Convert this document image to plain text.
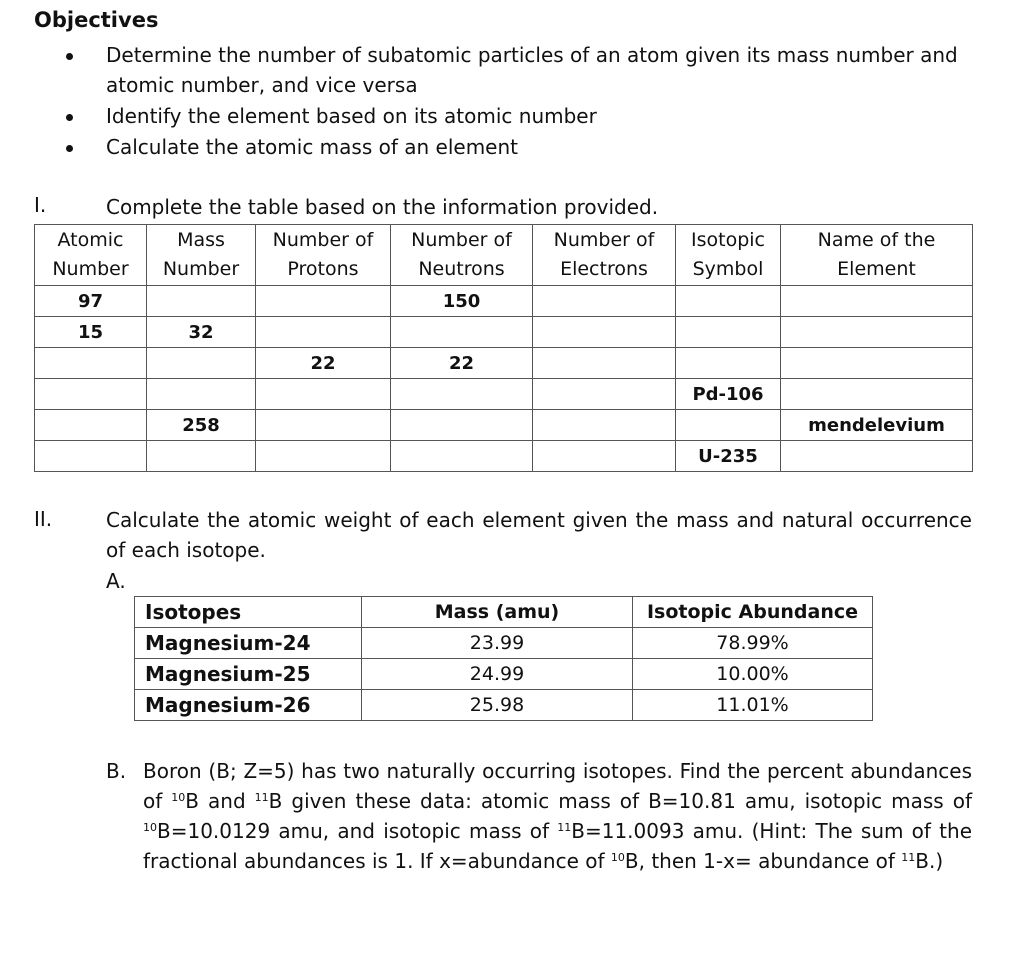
Objectives
Determine the number of subatomic particles of an atom given its mass number and atomic number, and vice versa
Identify the element based on its atomic number
Calculate the atomic mass of an element
I.	Complete the table based on the information provided.
Atomic Number	Mass Number	Number of Protons	Number of Neutrons	Number of Electrons	Isotopic Symbol	Name of the Element
97			150			
15	32					
		22	22			
					Pd-106	
	258					mendelevium
					U-235	
II.	Calculate the atomic weight of each element given the mass and natural occurrence of each isotope.
A.
Isotopes	Mass (amu)	Isotopic Abundance
Magnesium-24	23.99	78.99%
Magnesium-25	24.99	10.00%
Magnesium-26	25.98	11.01%
B. Boron (B; Z=5) has two naturally occurring isotopes. Find the percent abundances of $^{10}$B and $^{11}$B given these data: atomic mass of B=10.81 amu, isotopic mass of $^{10}$B=10.0129 amu, and isotopic mass of $^{11}$B=11.0093 amu. (Hint: The sum of the fractional abundances is 1. If x=abundance of $^{10}$B, then 1-x= abundance of $^{11}$B.)
